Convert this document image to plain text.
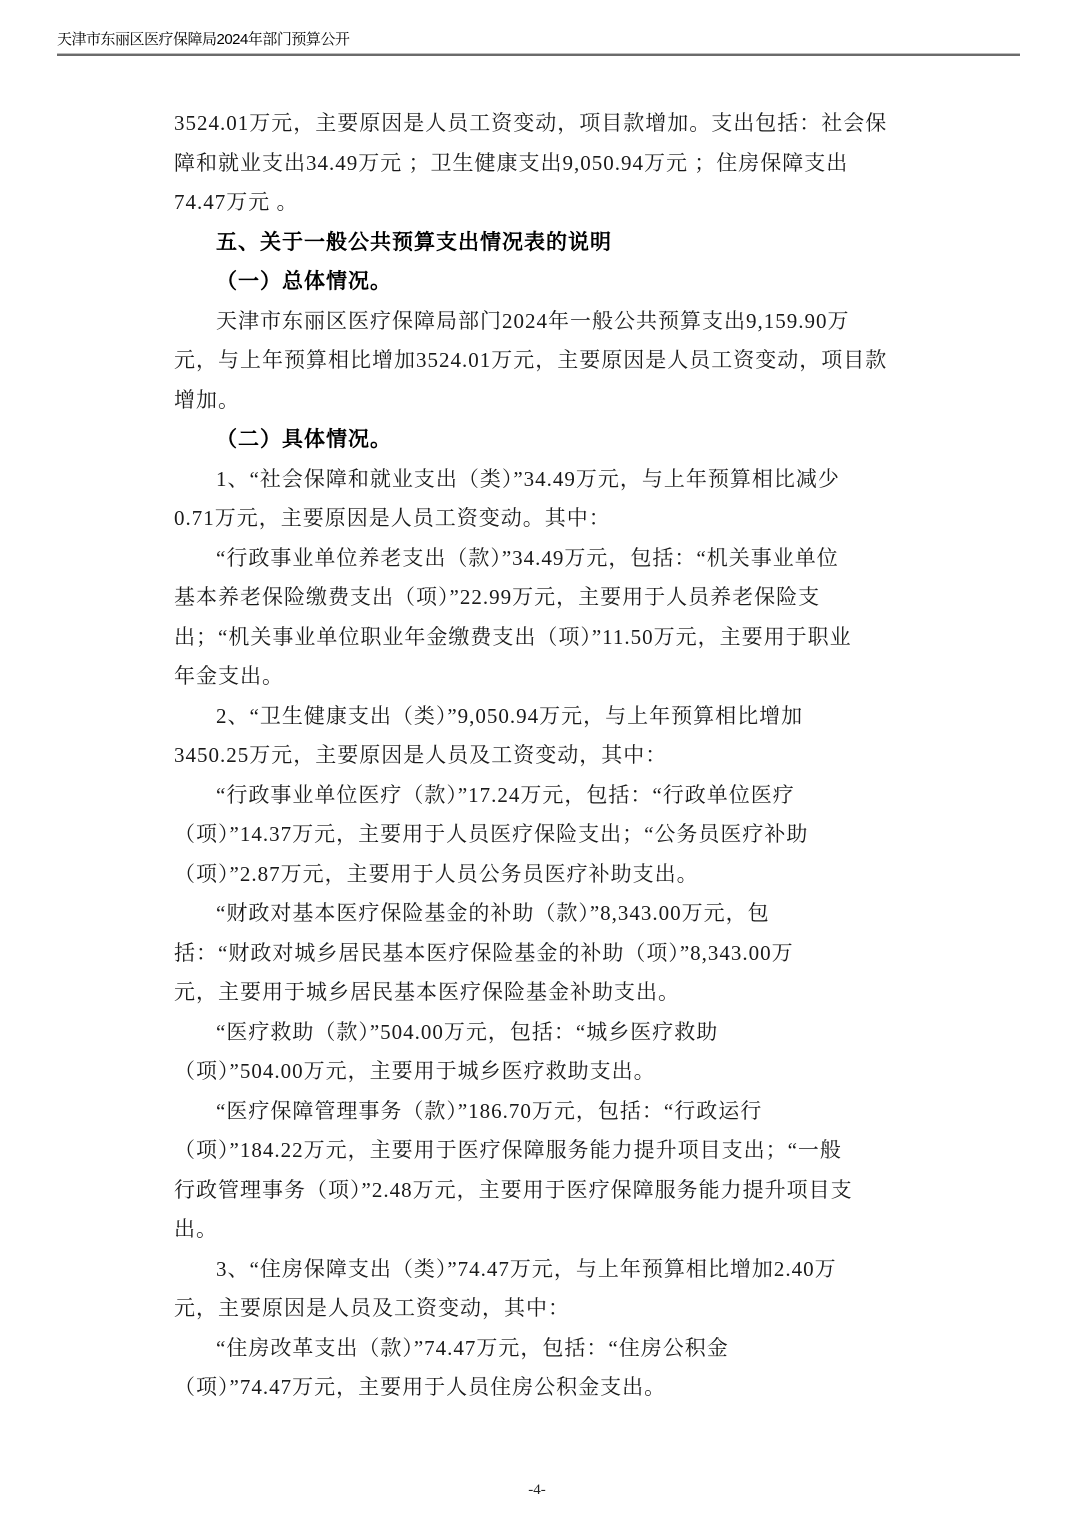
天津市东丽区医疗保障局2024年部门预算公开
3524.01万元，主要原因是人员工资变动，项目款增加。支出包括：社会保
障和就业支出34.49万元 ；卫生健康支出9,050.94万元 ；住房保障支出
74.47万元 。
五、关于一般公共预算支出情况表的说明
（一）总体情况。
天津市东丽区医疗保障局部门2024年一般公共预算支出9,159.90万
元，与上年预算相比增加3524.01万元，主要原因是人员工资变动，项目款
增加。
（二）具体情况。
1、“社会保障和就业支出（类）”34.49万元，与上年预算相比减少
0.71万元，主要原因是人员工资变动。其中：
“行政事业单位养老支出（款）”34.49万元，包括：“机关事业单位
基本养老保险缴费支出（项）”22.99万元，主要用于人员养老保险支
出；“机关事业单位职业年金缴费支出（项）”11.50万元，主要用于职业
年金支出。
2、“卫生健康支出（类）”9,050.94万元，与上年预算相比增加
3450.25万元，主要原因是人员及工资变动，其中：
“行政事业单位医疗（款）”17.24万元，包括：“行政单位医疗
（项）”14.37万元，主要用于人员医疗保险支出；“公务员医疗补助
（项）”2.87万元，主要用于人员公务员医疗补助支出。
“财政对基本医疗保险基金的补助（款）”8,343.00万元，包
括：“财政对城乡居民基本医疗保险基金的补助（项）”8,343.00万
元，主要用于城乡居民基本医疗保险基金补助支出。
“医疗救助（款）”504.00万元，包括：“城乡医疗救助
（项）”504.00万元，主要用于城乡医疗救助支出。
“医疗保障管理事务（款）”186.70万元，包括：“行政运行
（项）”184.22万元，主要用于医疗保障服务能力提升项目支出；“一般
行政管理事务（项）”2.48万元，主要用于医疗保障服务能力提升项目支
出。
3、“住房保障支出（类）”74.47万元，与上年预算相比增加2.40万
元，主要原因是人员及工资变动，其中：
“住房改革支出（款）”74.47万元，包括：“住房公积金
（项）”74.47万元，主要用于人员住房公积金支出。
-4-
